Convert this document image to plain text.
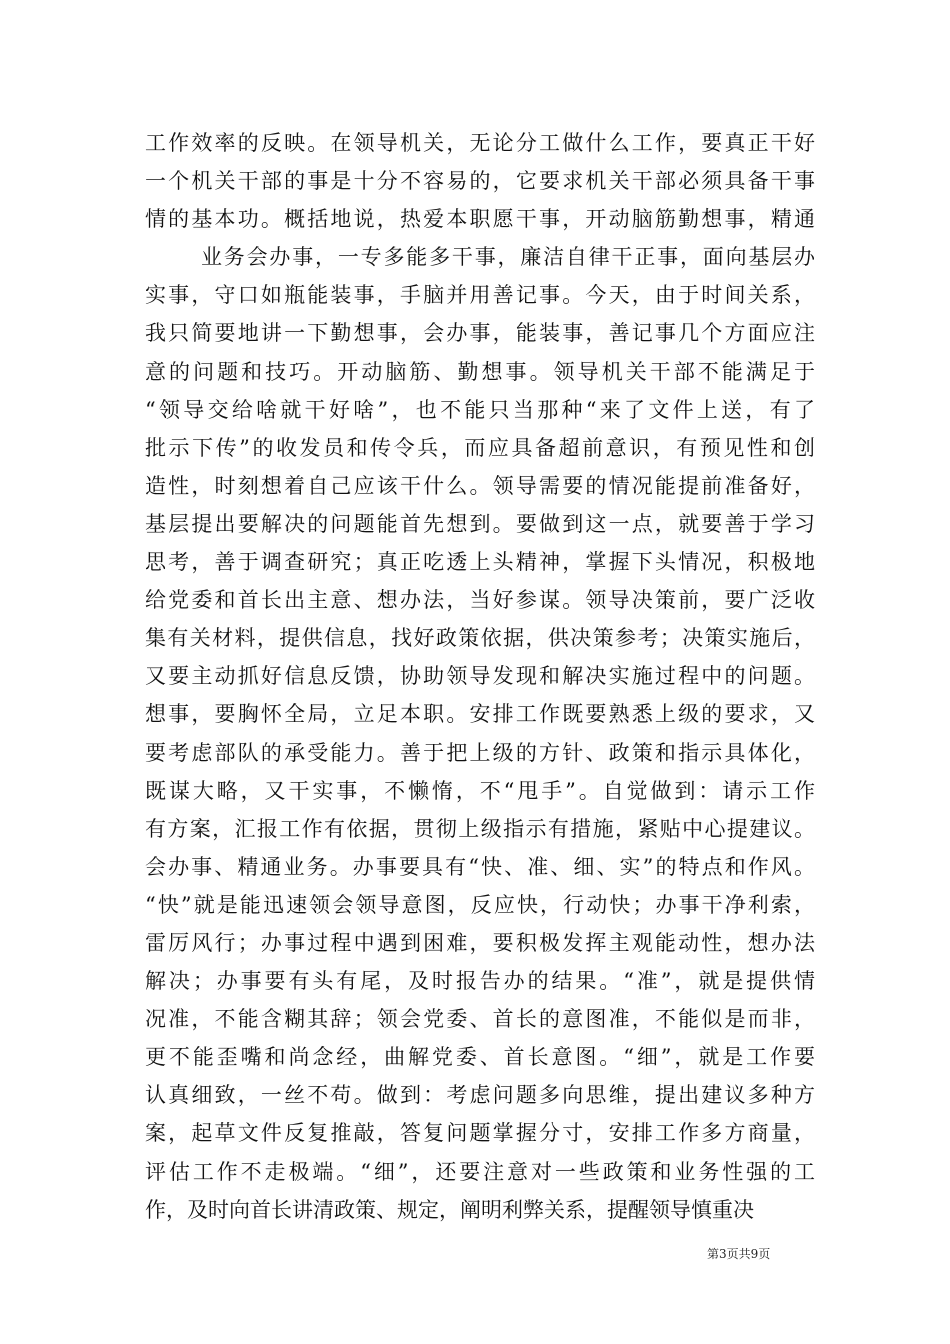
工作效率的反映。在领导机关，无论分工做什么工作，要真正干好
一个机关干部的事是十分不容易的，它要求机关干部必须具备干事
情的基本功。概括地说，热爱本职愿干事，开动脑筋勤想事，精通
业务会办事，一专多能多干事，廉洁自律干正事，面向基层办
实事，守口如瓶能装事，手脑并用善记事。今天，由于时间关系，
我只简要地讲一下勤想事，会办事，能装事，善记事几个方面应注
意的问题和技巧。开动脑筋、勤想事。领导机关干部不能满足于
“领导交给啥就干好啥”，也不能只当那种“来了文件上送，有了
批示下传”的收发员和传令兵，而应具备超前意识，有预见性和创
造性，时刻想着自己应该干什么。领导需要的情况能提前准备好，
基层提出要解决的问题能首先想到。要做到这一点，就要善于学习
思考，善于调查研究；真正吃透上头精神，掌握下头情况，积极地
给党委和首长出主意、想办法，当好参谋。领导决策前，要广泛收
集有关材料，提供信息，找好政策依据，供决策参考；决策实施后，
又要主动抓好信息反馈，协助领导发现和解决实施过程中的问题。
想事，要胸怀全局，立足本职。安排工作既要熟悉上级的要求，又
要考虑部队的承受能力。善于把上级的方针、政策和指示具体化，
既谋大略，又干实事，不懒惰，不“甩手”。自觉做到：请示工作
有方案，汇报工作有依据，贯彻上级指示有措施，紧贴中心提建议。
会办事、精通业务。办事要具有“快、准、细、实”的特点和作风。
“快”就是能迅速领会领导意图，反应快，行动快；办事干净利索，
雷厉风行；办事过程中遇到困难，要积极发挥主观能动性，想办法
解决；办事要有头有尾，及时报告办的结果。“准”，就是提供情
况准，不能含糊其辞；领会党委、首长的意图准，不能似是而非，
更不能歪嘴和尚念经，曲解党委、首长意图。“细”，就是工作要
认真细致，一丝不苟。做到：考虑问题多向思维，提出建议多种方
案，起草文件反复推敲，答复问题掌握分寸，安排工作多方商量，
评估工作不走极端。“细”，还要注意对一些政策和业务性强的工
作，及时向首长讲清政策、规定，阐明利弊关系，提醒领导慎重决
第3页共9页
